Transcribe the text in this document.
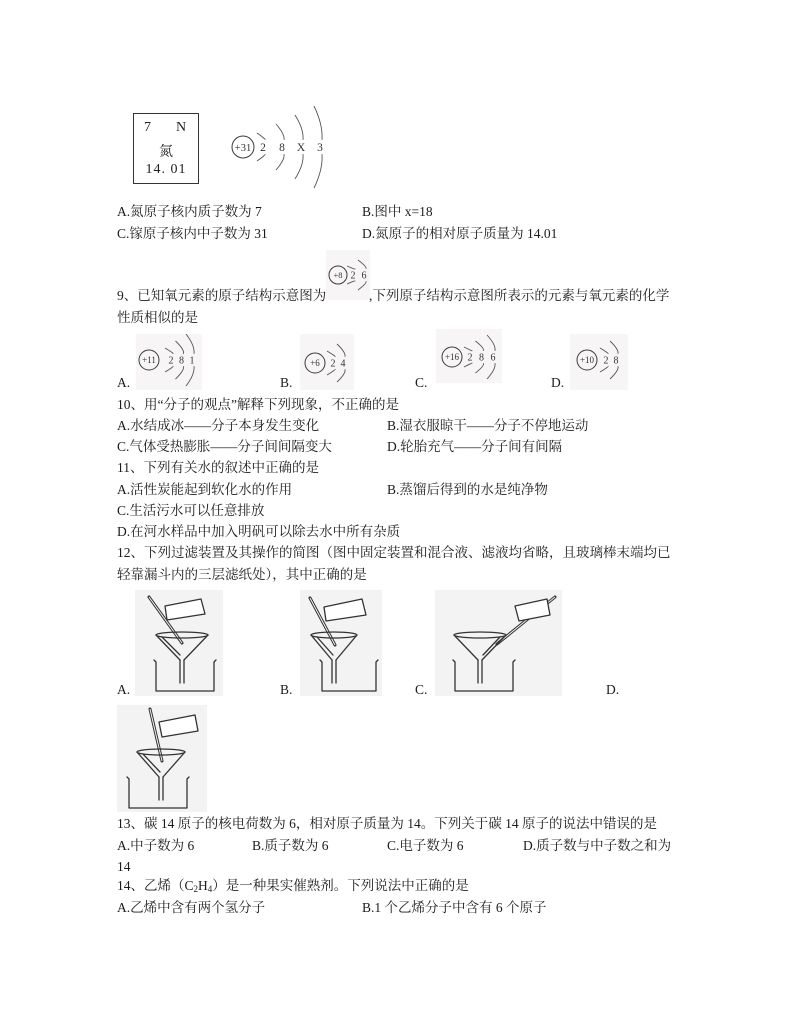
7 N
氮
14. 01
+31 2 8 X 3
A.氮原子核内质子数为 7	B.图中 x=18
C.镓原子核内中子数为 31	D.氮原子的相对原子质量为 14.01
9、已知氧元素的原子结构示意图为
+8 2 6
,下列原子结构示意图所表示的元素与氧元素的化学
性质相似的是
A.
+11 2 8 1
B.
+6 2 4
C.
+16 2 8 6
D.
+10 2 8
10、用“分子的观点”解释下列现象，不正确的是
A.水结成冰——分子本身发生变化	B.湿衣服晾干——分子不停地运动
C.气体受热膨胀——分子间间隔变大	D.轮胎充气——分子间有间隔
11、下列有关水的叙述中正确的是
A.活性炭能起到软化水的作用	B.蒸馏后得到的水是纯净物
C.生活污水可以任意排放
D.在河水样品中加入明矾可以除去水中所有杂质
12、下列过滤装置及其操作的简图（图中固定装置和混合液、滤液均省略，且玻璃棒末端均已
轻靠漏斗内的三层滤纸处），其中正确的是
A.	B.	C.	D.
13、碳 14 原子的核电荷数为 6，相对原子质量为 14。下列关于碳 14 原子的说法中错误的是
A.中子数为 6	B.质子数为 6	C.电子数为 6	D.质子数与中子数之和为
14
14、乙烯$(C_2H_4)$是一种果实催熟剂。下列说法中正确的是
A.乙烯中含有两个氢分子	B.1 个乙烯分子中含有 6 个原子
